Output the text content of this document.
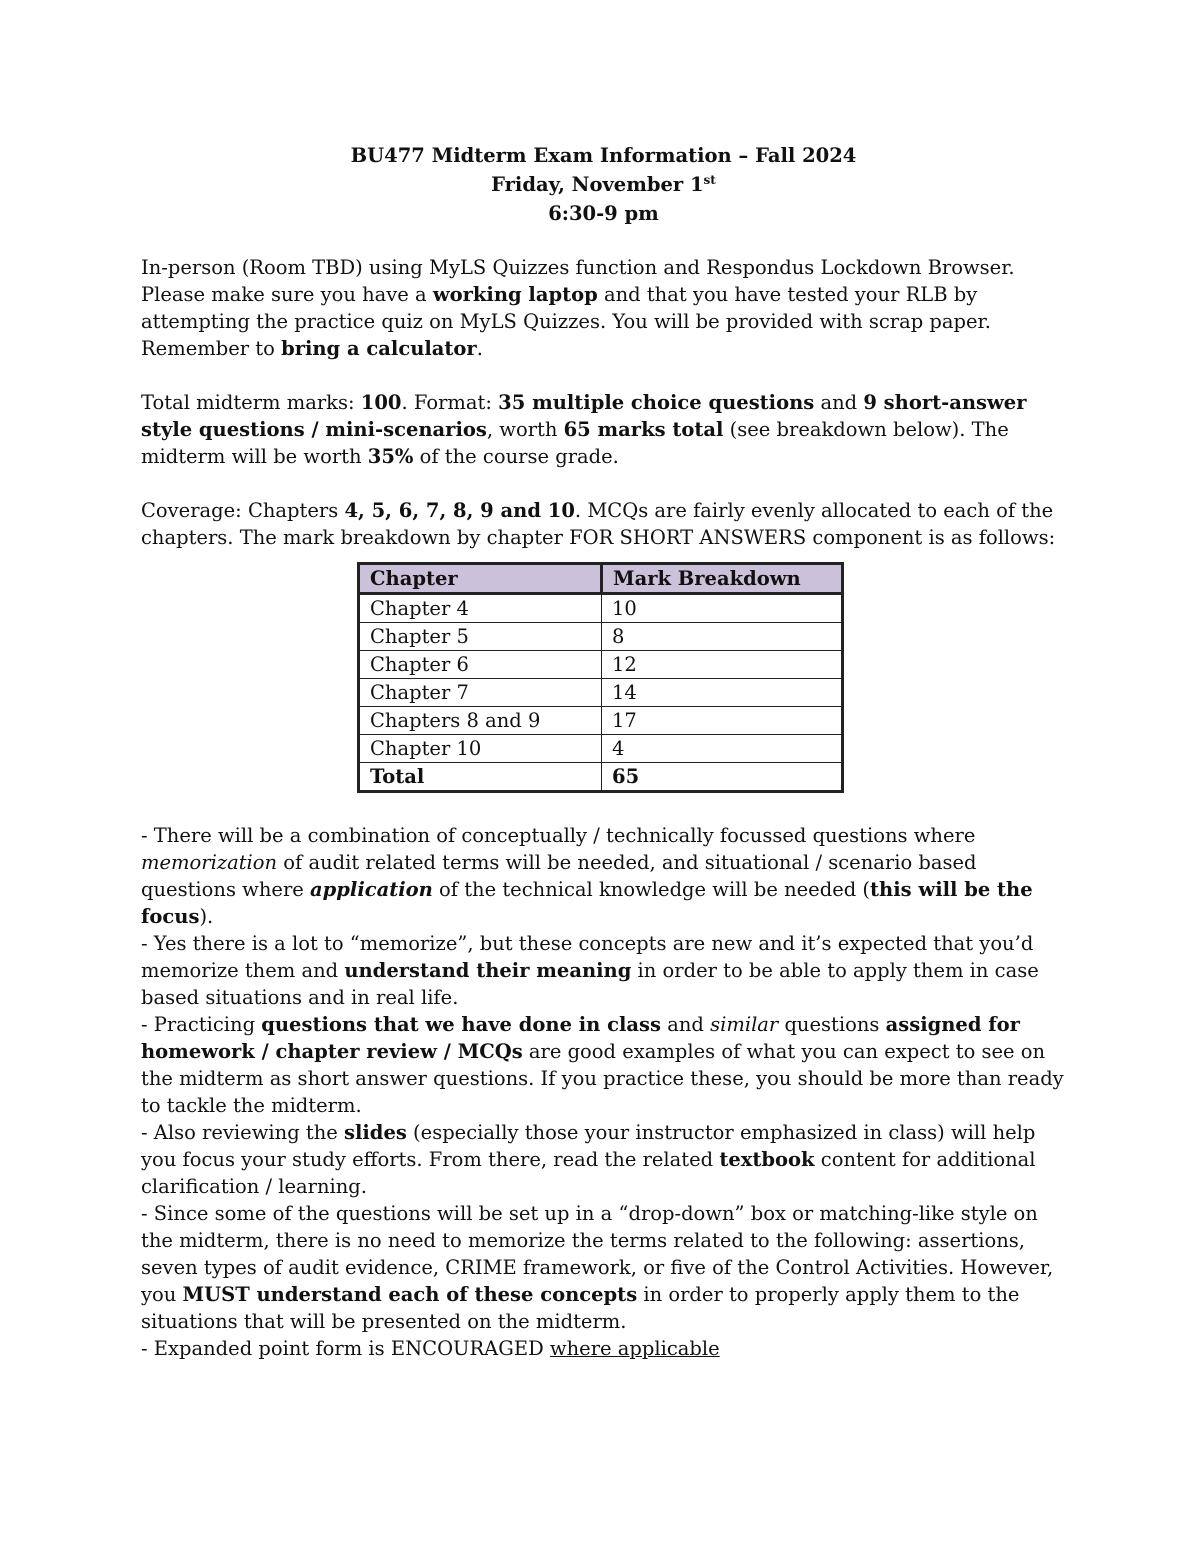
BU477 Midterm Exam Information – Fall 2024
Friday, November 1st
6:30-9 pm

In-person (Room TBD) using MyLS Quizzes function and Respondus Lockdown Browser. Please make sure you have a working laptop and that you have tested your RLB by attempting the practice quiz on MyLS Quizzes. You will be provided with scrap paper. Remember to bring a calculator.

Total midterm marks: 100. Format: 35 multiple choice questions and 9 short-answer style questions / mini-scenarios, worth 65 marks total (see breakdown below). The midterm will be worth 35% of the course grade.

Coverage: Chapters 4, 5, 6, 7, 8, 9 and 10. MCQs are fairly evenly allocated to each of the chapters. The mark breakdown by chapter FOR SHORT ANSWERS component is as follows:

Chapter	Mark Breakdown
Chapter 4	10
Chapter 5	8
Chapter 6	12
Chapter 7	14
Chapters 8 and 9	17
Chapter 10	4
Total	65
- There will be a combination of conceptually / technically focussed questions where memorization of audit related terms will be needed, and situational / scenario based questions where application of the technical knowledge will be needed (this will be the focus).
- Yes there is a lot to “memorize”, but these concepts are new and it’s expected that you’d memorize them and understand their meaning in order to be able to apply them in case based situations and in real life.
- Practicing questions that we have done in class and similar questions assigned for homework / chapter review / MCQs are good examples of what you can expect to see on the midterm as short answer questions. If you practice these, you should be more than ready to tackle the midterm.
- Also reviewing the slides (especially those your instructor emphasized in class) will help you focus your study efforts. From there, read the related textbook content for additional clarification / learning.
- Since some of the questions will be set up in a “drop-down” box or matching-like style on the midterm, there is no need to memorize the terms related to the following: assertions, seven types of audit evidence, CRIME framework, or five of the Control Activities. However, you MUST understand each of these concepts in order to properly apply them to the situations that will be presented on the midterm.
- Expanded point form is ENCOURAGED where applicable
